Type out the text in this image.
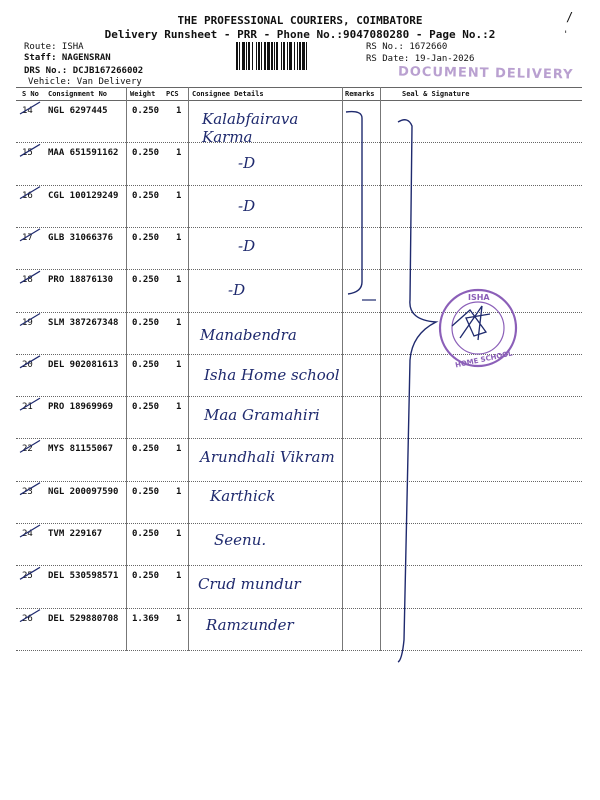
THE PROFESSIONAL COURIERS, COIMBATORE
Delivery Runsheet - PRR - Phone No.:9047080280 - Page No.:2
/
'
Route: ISHA
Staff: NAGENSRAN
DRS No.: DCJB167266002
Vehicle: Van Delivery
RS No.: 1672660
RS Date: 19-Jan-2026
DOCUMENT DELIVERY
S No Consignment No	Weight PCS Consignee Details	Remarks	Seal & Signature
14 NGL 6297445	0.250 1 Kalabfairava Karma
15 MAA 651591162 0.250 1
-D
16 CGL 100129249 0.250 1
-D
17 GLB 31066376 0.250 1	-D
18 PRO 18876130 0.250 1
-D
19 SLM 387267348 0.250 1
Manabendra
20 DEL 902081613 0.250 1
Isha Home school
21 PRO 18969969 0.250 1 Maa Gramahiri
22 MYS 81155067 0.250 1 Arundhali Vikram
23 NGL 200097590 0.250 1 Karthick
24 TVM 229167	0.250 1 Seenu.
25 DEL 530598571 0.250 1 Crud mundur
26 DEL 529880708 1.369 1 Ramzunder
ISHA
HOME SCHOOL
